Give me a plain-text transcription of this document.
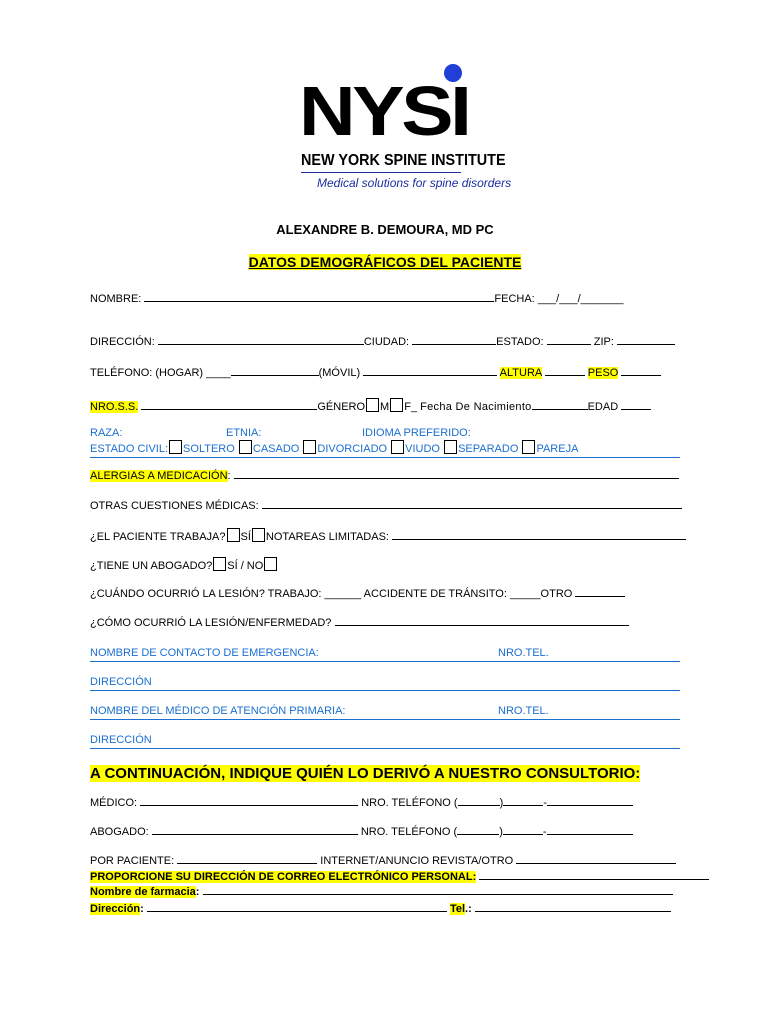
NYSI
NEW YORK SPINE INSTITUTE
Medical solutions for spine disorders
ALEXANDRE B. DEMOURA, MD PC
DATOS DEMOGRÁFICOS DEL PACIENTE
NOMBRE:	FECHA: ___/___/_______
DIRECCIÓN:	CIUDAD:	ESTADO:	ZIP:
TELÉFONO: (HOGAR) ____	(MÓVIL)	ALTURA	PESO
NRO.S.S.	GÉNERO M F_ Fecha De Nacimiento	EDAD
RAZA:	ETNIA:	IDIOMA PREFERIDO:
ESTADO CIVIL: SOLTERO CASADO DIVORCIADO VIUDO SEPARADO PAREJA
ALERGIAS A MEDICACIÓN:
OTRAS CUESTIONES MÉDICAS:
¿EL PACIENTE TRABAJA? SÍ NOTAREAS LIMITADAS:
¿TIENE UN ABOGADO? SÍ / NO
¿CUÁNDO OCURRIÓ LA LESIÓN? TRABAJO: ______ ACCIDENTE DE TRÁNSITO: _____OTRO
¿CÓMO OCURRIÓ LA LESIÓN/ENFERMEDAD?
NOMBRE DE CONTACTO DE EMERGENCIA:	NRO.TEL.
DIRECCIÓN
NOMBRE DEL MÉDICO DE ATENCIÓN PRIMARIA:	NRO.TEL.
DIRECCIÓN
A CONTINUACIÓN, INDIQUE QUIÉN LO DERIVÓ A NUESTRO CONSULTORIO:
MÉDICO:	NRO. TELÉFONO (	)	-
ABOGADO:	NRO. TELÉFONO (	)	-
POR PACIENTE:	INTERNET/ANUNCIO REVISTA/OTRO
PROPORCIONE SU DIRECCIÓN DE CORREO ELECTRÓNICO PERSONAL:
Nombre de farmacia:
Dirección:	Tel.:
